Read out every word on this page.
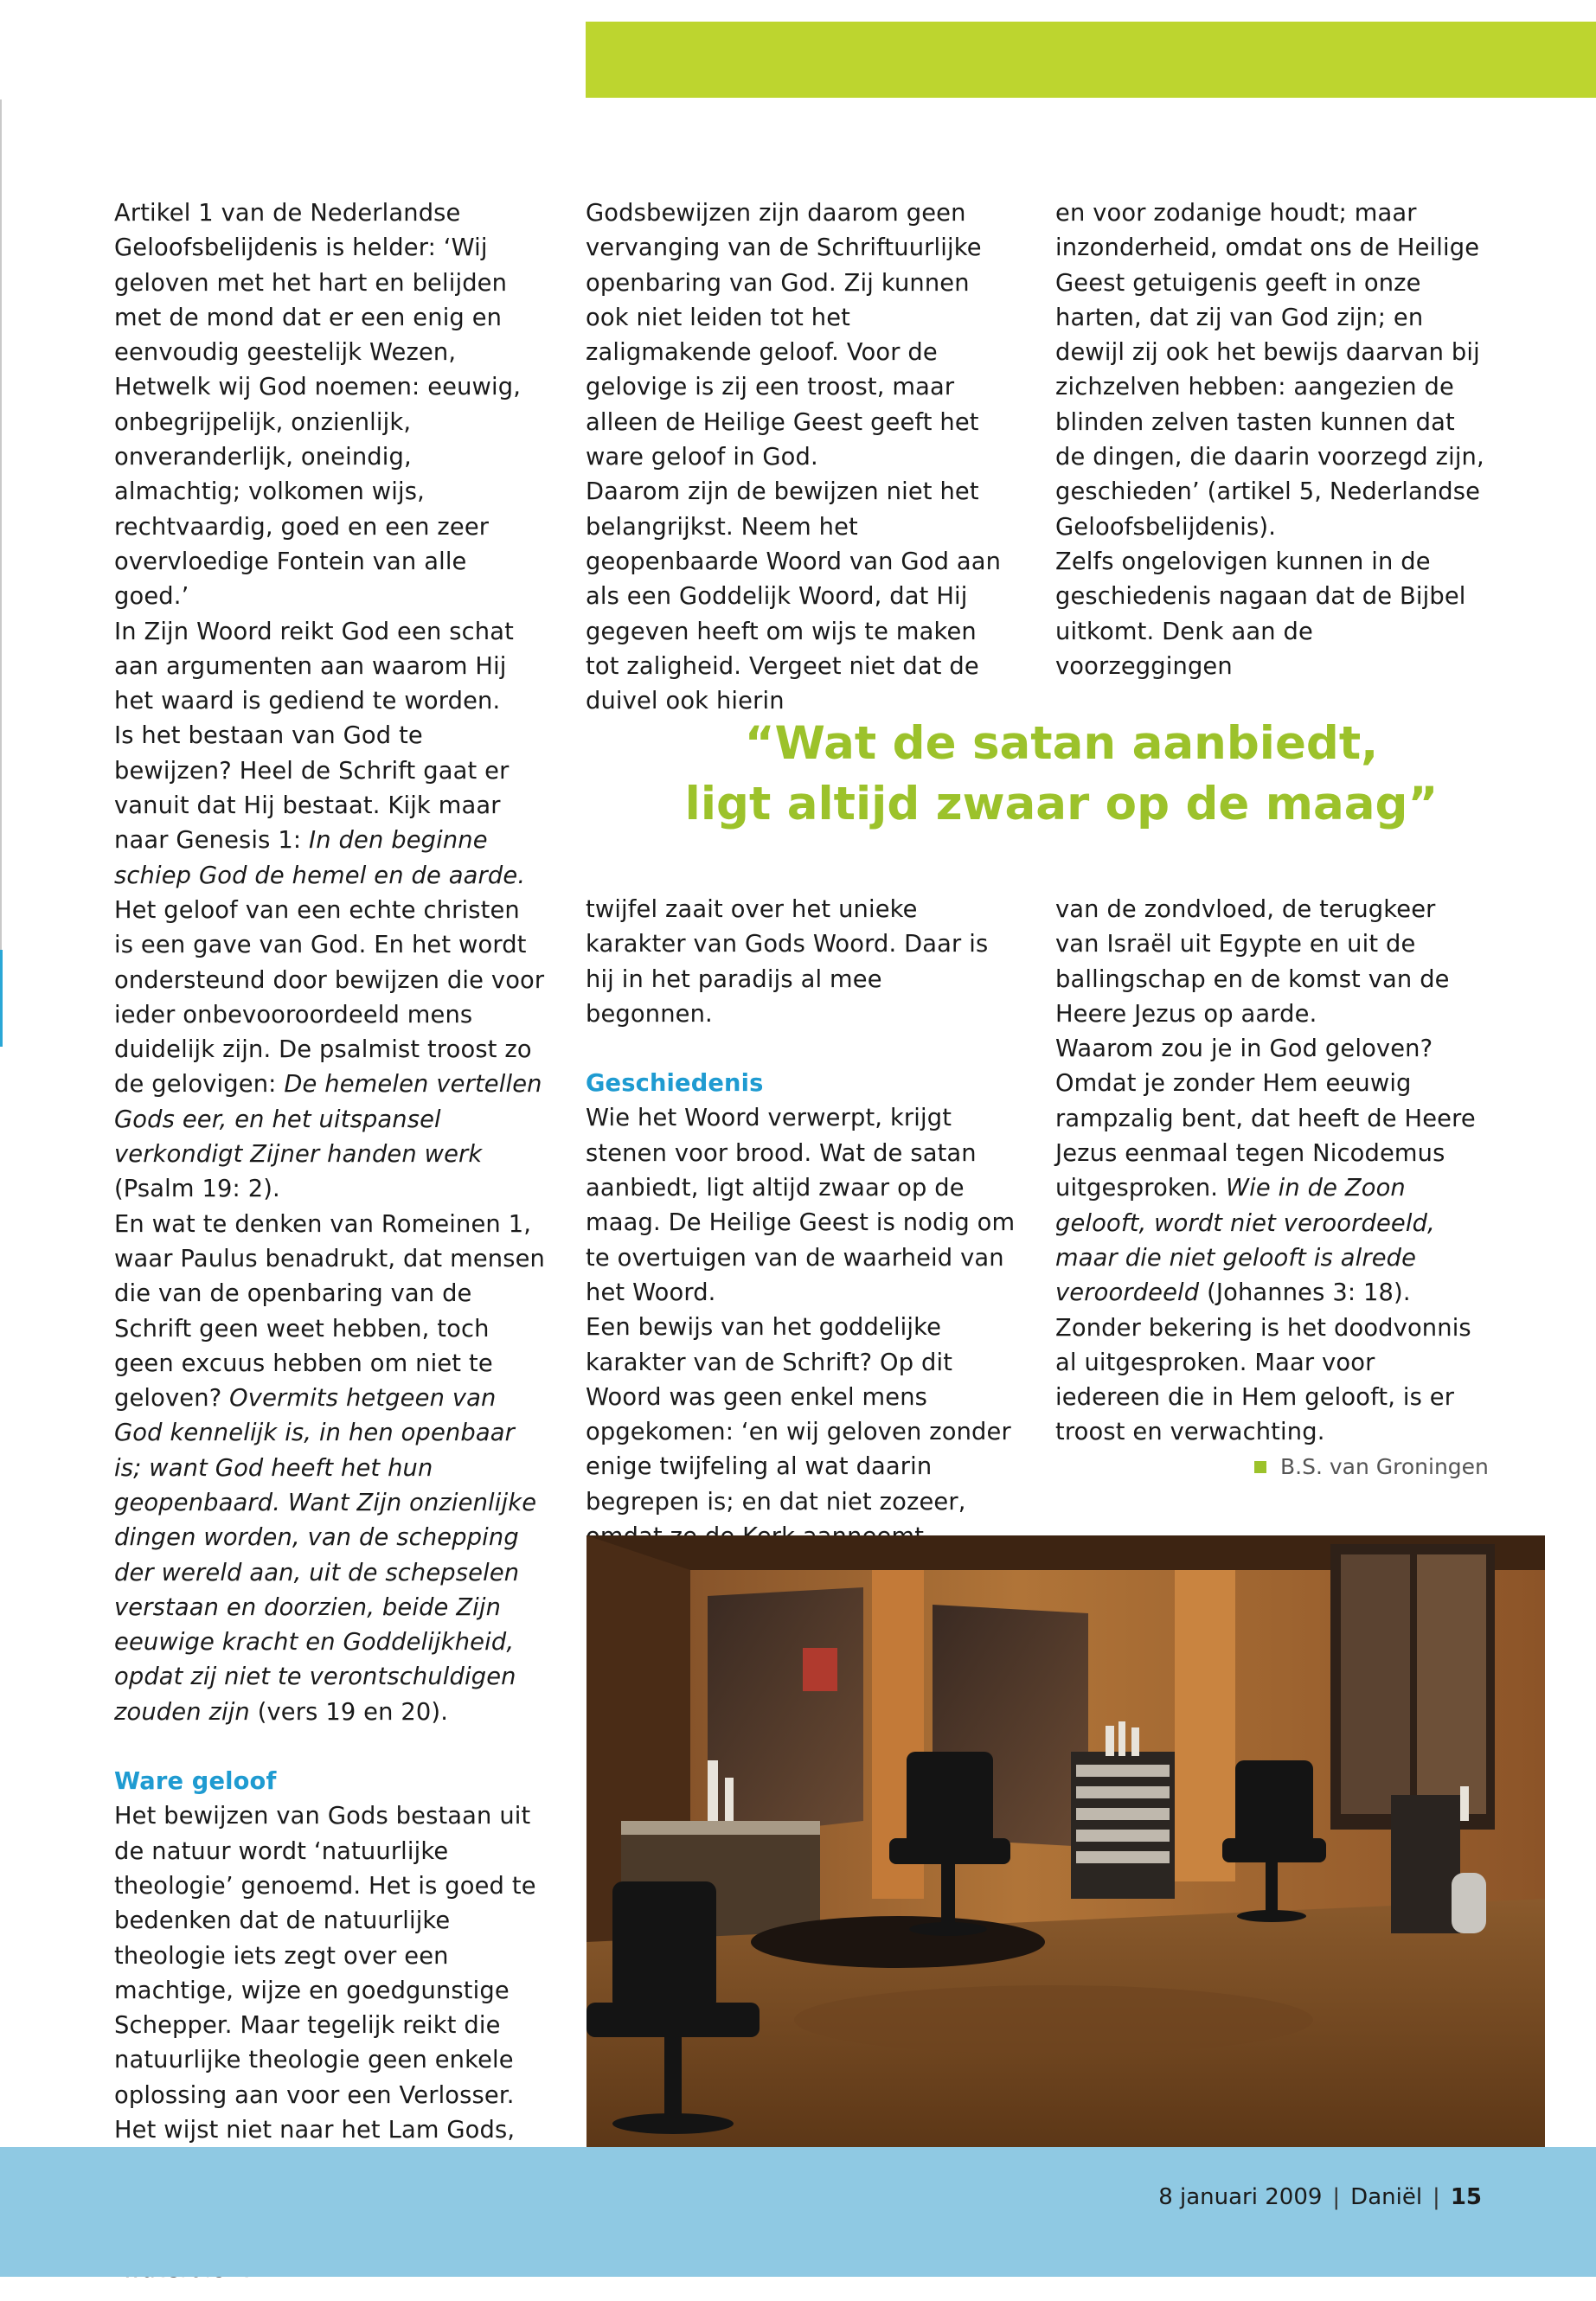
Artikel 1 van de Nederlandse Geloofsbelijdenis is helder: ‘Wij geloven met het hart en belijden met de mond dat er een enig en eenvoudig geestelijk Wezen, Hetwelk wij God noemen: eeuwig, onbegrijpelijk, onzienlijk, onveranderlijk, oneindig, almachtig; volkomen wijs, rechtvaardig, goed en een zeer overvloedige Fontein van alle goed.’

In Zijn Woord reikt God een schat aan argumenten aan waarom Hij het waard is gediend te worden.

Is het bestaan van God te bewijzen? Heel de Schrift gaat er vanuit dat Hij bestaat. Kijk maar naar Genesis 1: In den beginne schiep God de hemel en de aarde. Het geloof van een echte christen is een gave van God. En het wordt ondersteund door bewijzen die voor ieder onbevooroordeeld mens duidelijk zijn. De psalmist troost zo de gelovigen: De hemelen vertellen Gods eer, en het uitspansel verkondigt Zijner handen werk (Psalm 19: 2).

En wat te denken van Romeinen 1, waar Paulus benadrukt, dat mensen die van de openbaring van de Schrift geen weet hebben, toch geen excuus hebben om niet te geloven? Overmits hetgeen van God kennelijk is, in hen openbaar is; want God heeft het hun geopenbaard. Want Zijn onzienlijke dingen worden, van de schepping der wereld aan, uit de schepselen verstaan en doorzien, beide Zijn eeuwige kracht en Goddelijkheid, opdat zij niet te verontschuldigen zouden zijn (vers 19 en 20).

Ware geloof

Het bewijzen van Gods bestaan uit de natuur wordt ‘natuurlijke theologie’ genoemd. Het is goed te bedenken dat de natuurlijke theologie iets zegt over een machtige, wijze en goedgunstige Schepper. Maar tegelijk reikt die natuurlijke theologie geen enkele oplossing aan voor een Verlosser. Het wijst niet naar het Lam Gods,

Godsbewijzen zijn daarom geen vervanging van de Schriftuurlijke openbaring van God. Zij kunnen ook niet leiden tot het zaligmakende geloof. Voor de gelovige is zij een troost, maar alleen de Heilige Geest geeft het ware geloof in God.

Daarom zijn de bewijzen niet het belangrijkst. Neem het geopenbaarde Woord van God aan als een Goddelijk Woord, dat Hij gegeven heeft om wijs te maken tot zaligheid. Vergeet niet dat de duivel ook hierin

en voor zodanige houdt; maar inzonderheid, omdat ons de Heilige Geest getuigenis geeft in onze harten, dat zij van God zijn; en dewijl zij ook het bewijs daarvan bij zichzelven hebben: aangezien de blinden zelven tasten kunnen dat de dingen, die daarin voorzegd zijn, geschieden’ (artikel 5, Nederlandse Geloofsbelijdenis).

Zelfs ongelovigen kunnen in de geschiedenis nagaan dat de Bijbel uitkomt. Denk aan de voorzeggingen

“Wat de satan aanbiedt,
ligt altijd zwaar op de maag”

twijfel zaait over het unieke karakter van Gods Woord. Daar is hij in het paradijs al mee begonnen.

Geschiedenis

Wie het Woord verwerpt, krijgt stenen voor brood. Wat de satan aanbiedt, ligt altijd zwaar op de maag. De Heilige Geest is nodig om te overtuigen van de waarheid van het Woord.

Een bewijs van het goddelijke karakter van de Schrift? Op dit Woord was geen enkel mens opgekomen: ‘en wij geloven zonder enige twijfeling al wat daarin begrepen is; en dat niet zozeer,

van de zondvloed, de terugkeer van Israël uit Egypte en uit de ballingschap en de komst van de Heere Jezus op aarde.

Waarom zou je in God geloven? Omdat je zonder Hem eeuwig rampzalig bent, dat heeft de Heere Jezus eenmaal tegen Nicodemus uitgesproken. Wie in de Zoon gelooft, wordt niet veroordeeld, maar die niet gelooft is alrede veroordeeld (Johannes 3: 18). Zonder bekering is het doodvonnis al uitgesproken. Maar voor iedereen die in Hem gelooft, is er troost en verwachting.

B.S. van Groningen
8 januari 2009 | Daniël | 15
